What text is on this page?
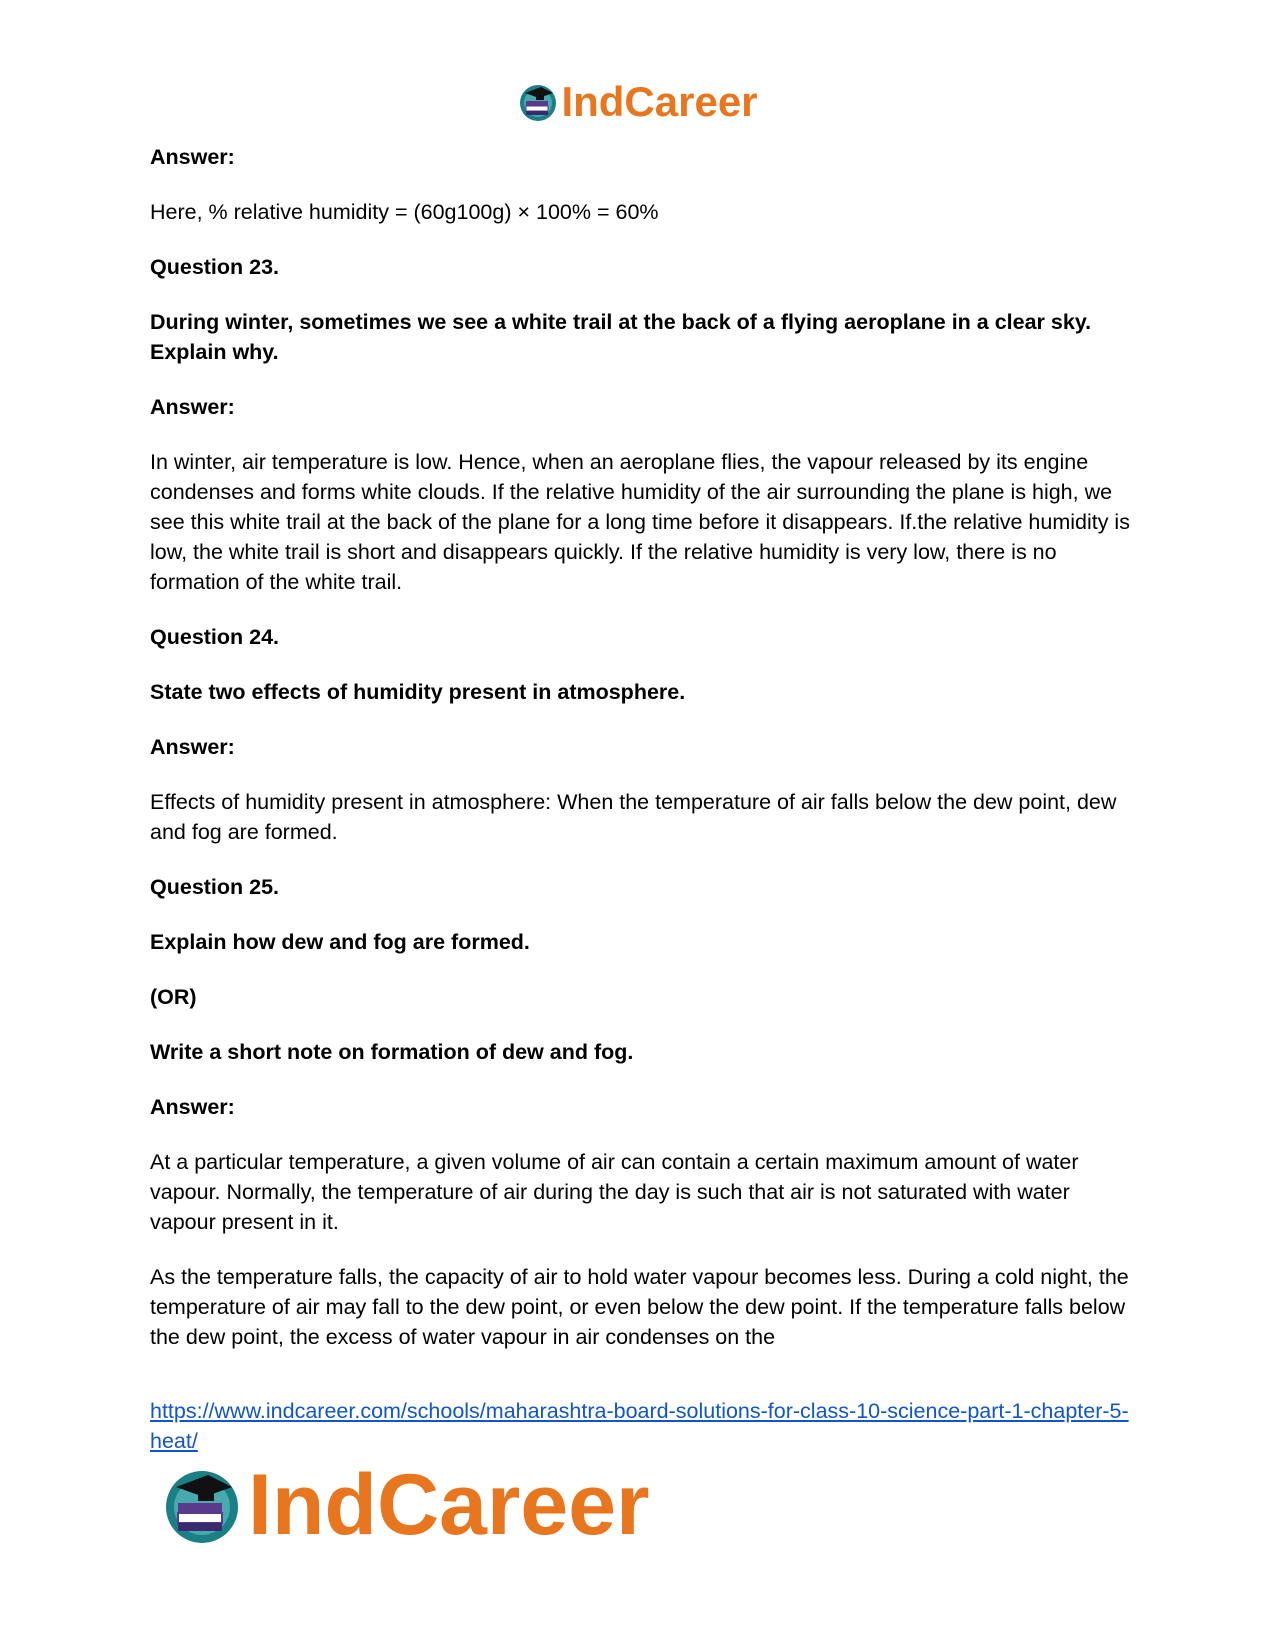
IndCareer

Answer:

Here, % relative humidity = (60g100g) × 100% = 60%

Question 23.

During winter, sometimes we see a white trail at the back of a flying aeroplane in a clear sky. Explain why.

Answer:

In winter, air temperature is low. Hence, when an aeroplane flies, the vapour released by its engine condenses and forms white clouds. If the relative humidity of the air surrounding the plane is high, we see this white trail at the back of the plane for a long time before it disappears. If.the relative humidity is low, the white trail is short and disappears quickly. If the relative humidity is very low, there is no formation of the white trail.

Question 24.

State two effects of humidity present in atmosphere.

Answer:

Effects of humidity present in atmosphere: When the temperature of air falls below the dew point, dew and fog are formed.

Question 25.

Explain how dew and fog are formed.

(OR)

Write a short note on formation of dew and fog.

Answer:

At a particular temperature, a given volume of air can contain a certain maximum amount of water vapour. Normally, the temperature of air during the day is such that air is not saturated with water vapour present in it.

As the temperature falls, the capacity of air to hold water vapour becomes less. During a cold night, the temperature of air may fall to the dew point, or even below the dew point. If the temperature falls below the dew point, the excess of water vapour in air condenses on the

https://www.indcareer.com/schools/maharashtra-board-solutions-for-class-10-science-part-1-chapter-5-heat/
IndCareer
